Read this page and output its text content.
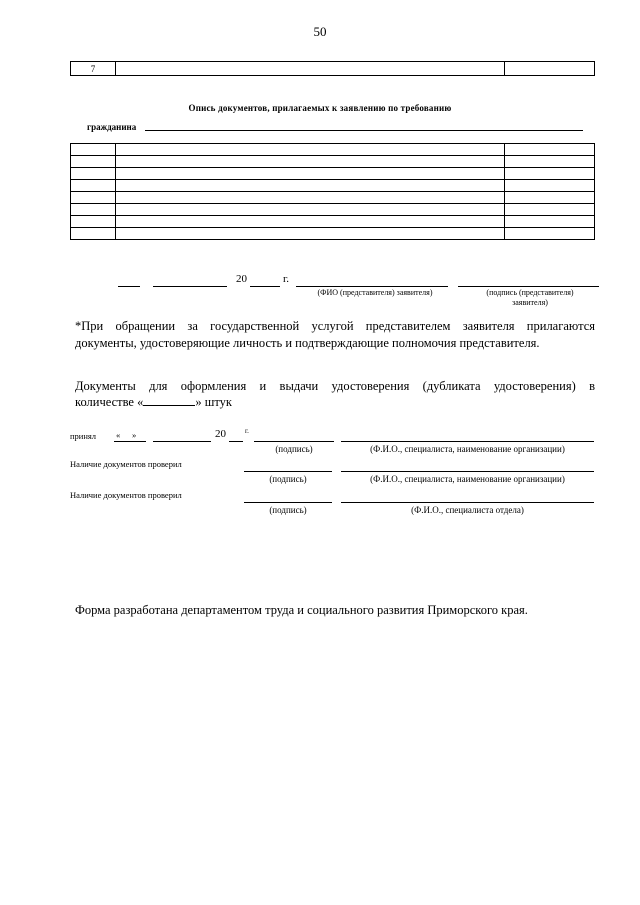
50
7		
Опись документов, прилагаемых к заявлению по требованию
гражданина

20	г.
(ФИО (представителя) заявителя)	(подпись (представителя)
заявителя)
*При обращении за государственной услугой представителем заявителя прилагаются документы, удостоверяющие личность и подтверждающие полномочия представителя.
Документы для оформления и выдачи удостоверения (дубликата удостоверения) в
количестве «	» штук
принял « »	20	г.
(подпись)	(Ф.И.О., специалиста, наименование организации)
Наличие документов проверил
(подпись)	(Ф.И.О., специалиста, наименование организации)
Наличие документов проверил
(подпись)	(Ф.И.О., специалиста отдела)
Форма разработана департаментом труда и социального развития Приморского края.
